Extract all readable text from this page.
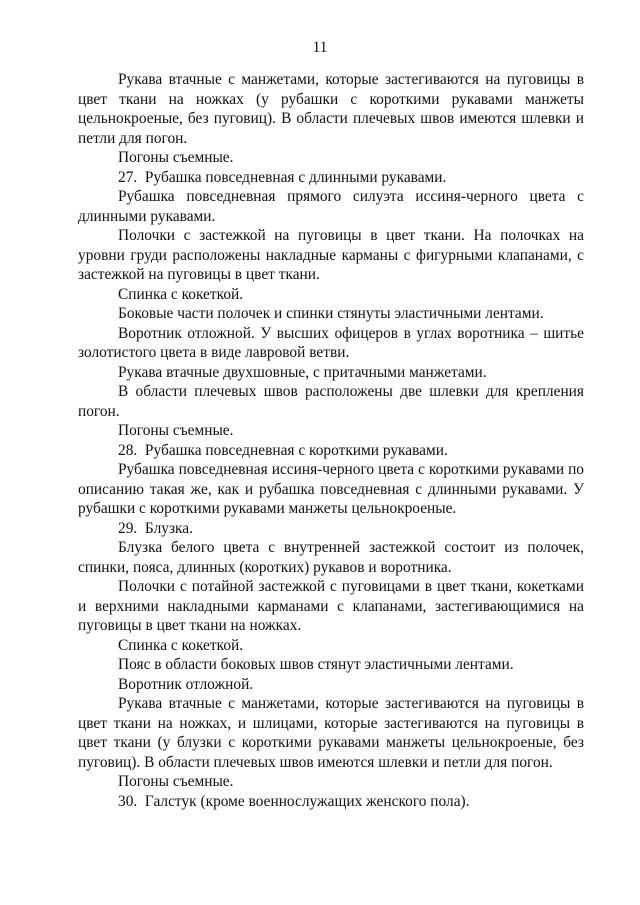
11

Рукава втачные с манжетами, которые застегиваются на пуговицы в цвет ткани на ножках (у рубашки с короткими рукавами манжеты цельнокроеные, без пуговиц). В области плечевых швов имеются шлевки и петли для погон.

Погоны съемные.

27.  Рубашка повседневная с длинными рукавами.

Рубашка повседневная прямого силуэта иссиня-черного цвета с длинными рукавами.

Полочки с застежкой на пуговицы в цвет ткани. На полочках на уровни груди расположены накладные карманы с фигурными клапанами, с застежкой на пуговицы в цвет ткани.

Спинка с кокеткой.

Боковые части полочек и спинки стянуты эластичными лентами.

Воротник отложной. У высших офицеров в углах воротника – шитье золотистого цвета в виде лавровой ветви.

Рукава втачные двухшовные, с притачными манжетами.

В области плечевых швов расположены две шлевки для крепления погон.

Погоны съемные.

28.  Рубашка повседневная с короткими рукавами.

Рубашка повседневная иссиня-черного цвета с короткими рукавами по описанию такая же, как и рубашка повседневная с длинными рукавами. У рубашки с короткими рукавами манжеты цельнокроеные.

29.  Блузка.

Блузка белого цвета с внутренней застежкой состоит из полочек, спинки, пояса, длинных (коротких) рукавов и воротника.

Полочки с потайной застежкой с пуговицами в цвет ткани, кокетками и верхними накладными карманами с клапанами, застегивающимися на пуговицы в цвет ткани на ножках.

Спинка с кокеткой.

Пояс в области боковых швов стянут эластичными лентами.

Воротник отложной.

Рукава втачные с манжетами, которые застегиваются на пуговицы в цвет ткани на ножках, и шлицами, которые застегиваются на пуговицы в цвет ткани (у блузки с короткими рукавами манжеты цельнокроеные, без пуговиц). В области плечевых швов имеются шлевки и петли для погон.

Погоны съемные.

30.  Галстук (кроме военнослужащих женского пола).
